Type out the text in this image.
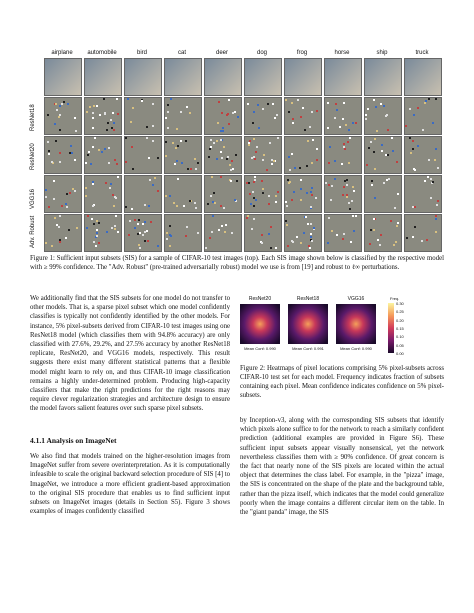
airplane	automobile	bird	cat	deer	dog	frog	horse	ship	truck
ResNet18
ResNet20
VGG16
Adv. Robust
Figure 1: Sufficient input subsets (SIS) for a sample of CIFAR-10 test images (top). Each SIS image shown below is classified by the respective model with ≥ 99% confidence. The "Adv. Robust" (pre-trained adversarially robust) model we use is from [19] and robust to ℓ∞ perturbations.
We additionally find that the SIS subsets for one model do not transfer to other models. That is, a sparse pixel subset which one model confidently classifies is typically not confidently identified by the other models. For instance, 5% pixel-subsets derived from CIFAR-10 test images using one ResNet18 model (which classifies them with 94.8% accuracy) are only classified with 27.6%, 29.2%, and 27.5% accuracy by another ResNet18 replicate, ResNet20, and VGG16 models, respectively. This result suggests there exist many different statistical patterns that a flexible model might learn to rely on, and thus CIFAR-10 image classification remains a highly under-determined problem. Producing high-capacity classifiers that make the right predictions for the right reasons may require clever regularization strategies and architecture design to ensure the model favors salient features over such sparse pixel subsets.
4.1.1 Analysis on ImageNet
We also find that models trained on the higher-resolution images from ImageNet suffer from severe overinterpretation. As it is computationally infeasible to scale the original backward selection procedure of SIS [4] to ImageNet, we introduce a more efficient gradient-based approximation to the original SIS procedure that enables us to find sufficient input subsets on ImageNet images (details in Section S5). Figure 3 shows examples of images confidently classified
ResNet20
Mean Conf: 0.990
ResNet18
Mean Conf: 0.991
VGG16
Mean Conf: 0.990
Freq.
0.30
0.25
0.20
0.15
0.10
0.05
0.00
Figure 2: Heatmaps of pixel locations comprising 5% pixel-subsets across CIFAR-10 test set for each model. Frequency indicates fraction of subsets containing each pixel. Mean confidence indicates confidence on 5% pixel-subsets.
by Inception-v3, along with the corresponding SIS subsets that identify which pixels alone suffice to for the network to reach a similarly confident prediction (additional examples are provided in Figure S6). These sufficient input subsets appear visually nonsensical, yet the network nevertheless classifies them with ≥ 90% confidence. Of great concern is the fact that nearly none of the SIS pixels are located within the actual object that determines the class label. For example, in the "pizza" image, the SIS is concentrated on the shape of the plate and the background table, rather than the pizza itself, which indicates that the model could generalize poorly when the image contains a different circular item on the table. In the "giant panda" image, the SIS
